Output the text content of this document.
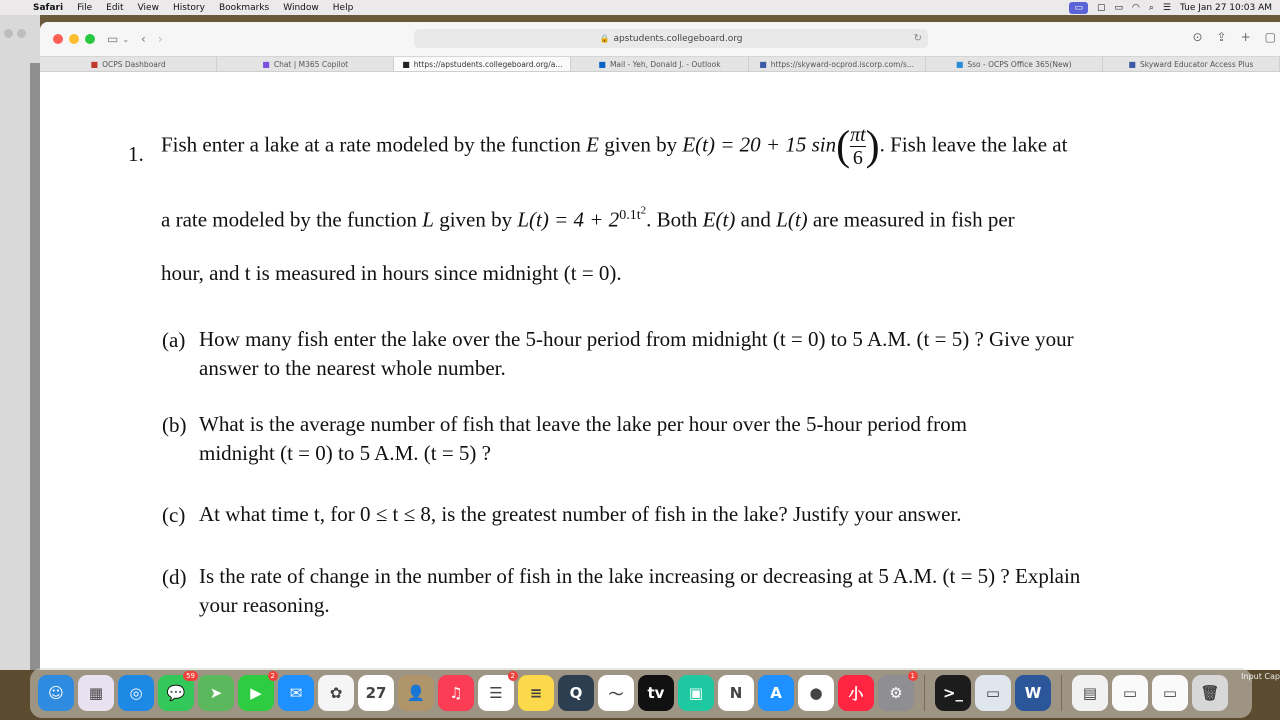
Safari	File	Edit	View	History	Bookmarks	Window	Help	▭	▢ ▭ ◠ ⌕ ☰ Tue Jan 27 10:03 AM
▭ ⌄ ‹ ›	🔒 apstudents.collegeboard.org	↻	⊙ ⇪ + ▢
■ OCPS Dashboard	■ Chat | M365 Copilot	■ https://apstudents.collegeboard.org/a...	■ Mail - Yeh, Donald J. - Outlook	■ https://skyward-ocprod.iscorp.com/s...	■ Sso - OCPS Office 365(New)	■ Skyward Educator Access Plus
1. Fish enter a lake at a rate modeled by the function E given by E(t) = 20 + 15 $\sin( \frac{\pi t}{6}$ ). Fish leave the lake at
a rate modeled by the function L given by $L(t) = 4 + 2^{0.1t^2}$. Both E(t) and L(t) are measured in fish per
hour, and t is measured in hours since midnight (t = 0).
(a) How many fish enter the lake over the 5-hour period from midnight (t = 0) to 5 A.M. (t = 5) ? Give your
answer to the nearest whole number.
(b) What is the average number of fish that leave the lake per hour over the 5-hour period from
midnight (t = 0) to 5 A.M. (t = 5) ?
(c) At what time t, for 0 ≤ t ≤ 8, is the greatest number of fish in the lake? Justify your answer.
(d) Is the rate of change in the number of fish in the lake increasing or decreasing at 5 A.M. (t = 5) ? Explain
your reasoning.
☺ ▦ ◎ 💬
59
➤ ▶
2
✉ ✿ 27 👤 ♫ ☰
2
≡ Q 〜 tv ▣ N A ● 小 ⚙
1
>_ ▭ W	▤ ▭ ▭ 🗑
Input Cap
